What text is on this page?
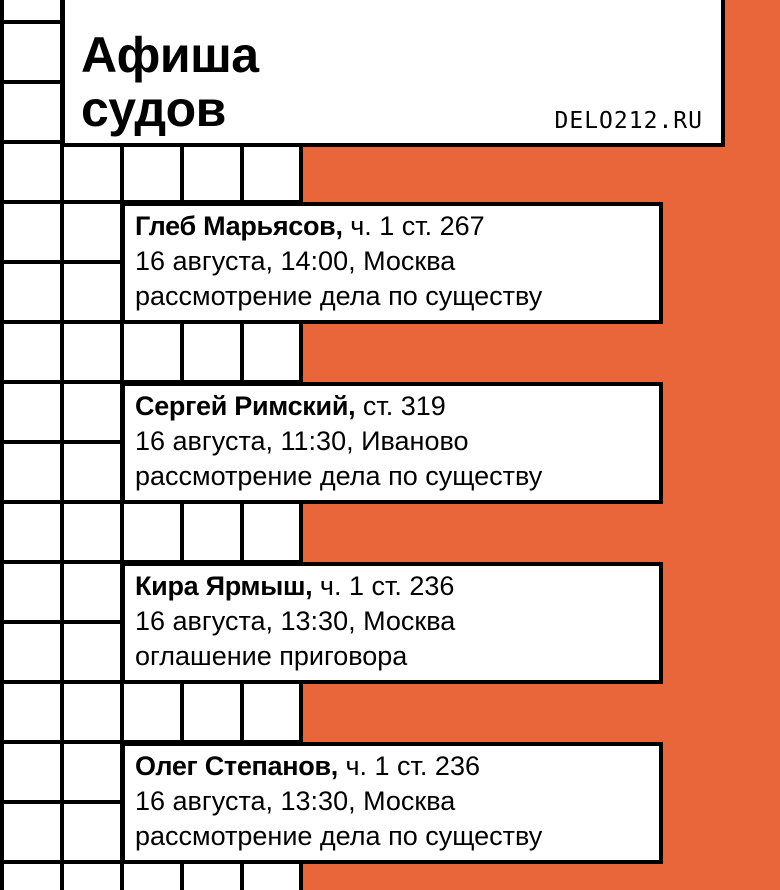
Афиша
судов	DELO212.RU
Глеб Марьясов, ч. 1 ст. 267
16 августа, 14:00, Москва
рассмотрение дела по существу
Сергей Римский, ст. 319
16 августа, 11:30, Иваново
рассмотрение дела по существу
Кира Ярмыш, ч. 1 ст. 236
16 августа, 13:30, Москва
оглашение приговора
Олег Степанов, ч. 1 ст. 236
16 августа, 13:30, Москва
рассмотрение дела по существу
